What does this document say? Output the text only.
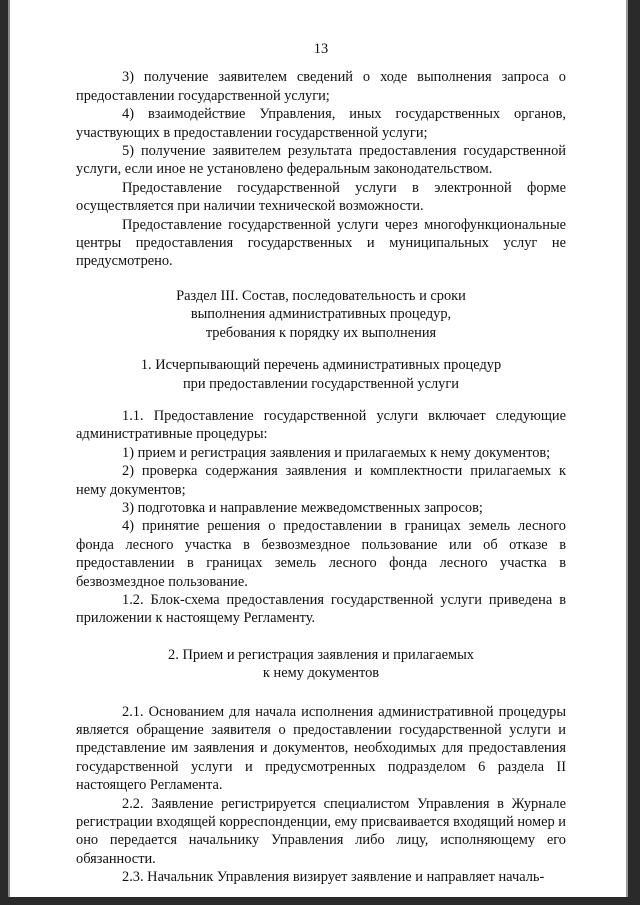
13

3) получение заявителем сведений о ходе выполнения запроса о предоставлении государственной услуги;

4) взаимодействие Управления, иных государственных органов, участвующих в предоставлении государственной услуги;

5) получение заявителем результата предоставления государственной услуги, если иное не установлено федеральным законодательством.

Предоставление государственной услуги в электронной форме осуществляется при наличии технической возможности.

Предоставление государственной услуги через многофункциональные центры предоставления государственных и муниципальных услуг не предусмотрено.

Раздел III. Состав, последовательность и сроки
выполнения административных процедур,
требования к порядку их выполнения
1. Исчерпывающий перечень административных процедур
при предоставлении государственной услуги

1.1. Предоставление государственной услуги включает следующие административные процедуры:

1) прием и регистрация заявления и прилагаемых к нему документов;

2) проверка содержания заявления и комплектности прилагаемых к нему документов;

3) подготовка и направление межведомственных запросов;

4) принятие решения о предоставлении в границах земель лесного фонда лесного участка в безвозмездное пользование или об отказе в предоставлении в границах земель лесного фонда лесного участка в безвозмездное пользование.

1.2. Блок-схема предоставления государственной услуги приведена в приложении к настоящему Регламенту.

2. Прием и регистрация заявления и прилагаемых
к нему документов

2.1. Основанием для начала исполнения административной процедуры является обращение заявителя о предоставлении государственной услуги и представление им заявления и документов, необходимых для предоставления государственной услуги и предусмотренных подразделом 6 раздела II настоящего Регламента.

2.2. Заявление регистрируется специалистом Управления в Журнале регистрации входящей корреспонденции, ему присваивается входящий номер и оно передается начальнику Управления либо лицу, исполняющему его обязанности.

2.3. Начальник Управления визирует заявление и направляет началь-
